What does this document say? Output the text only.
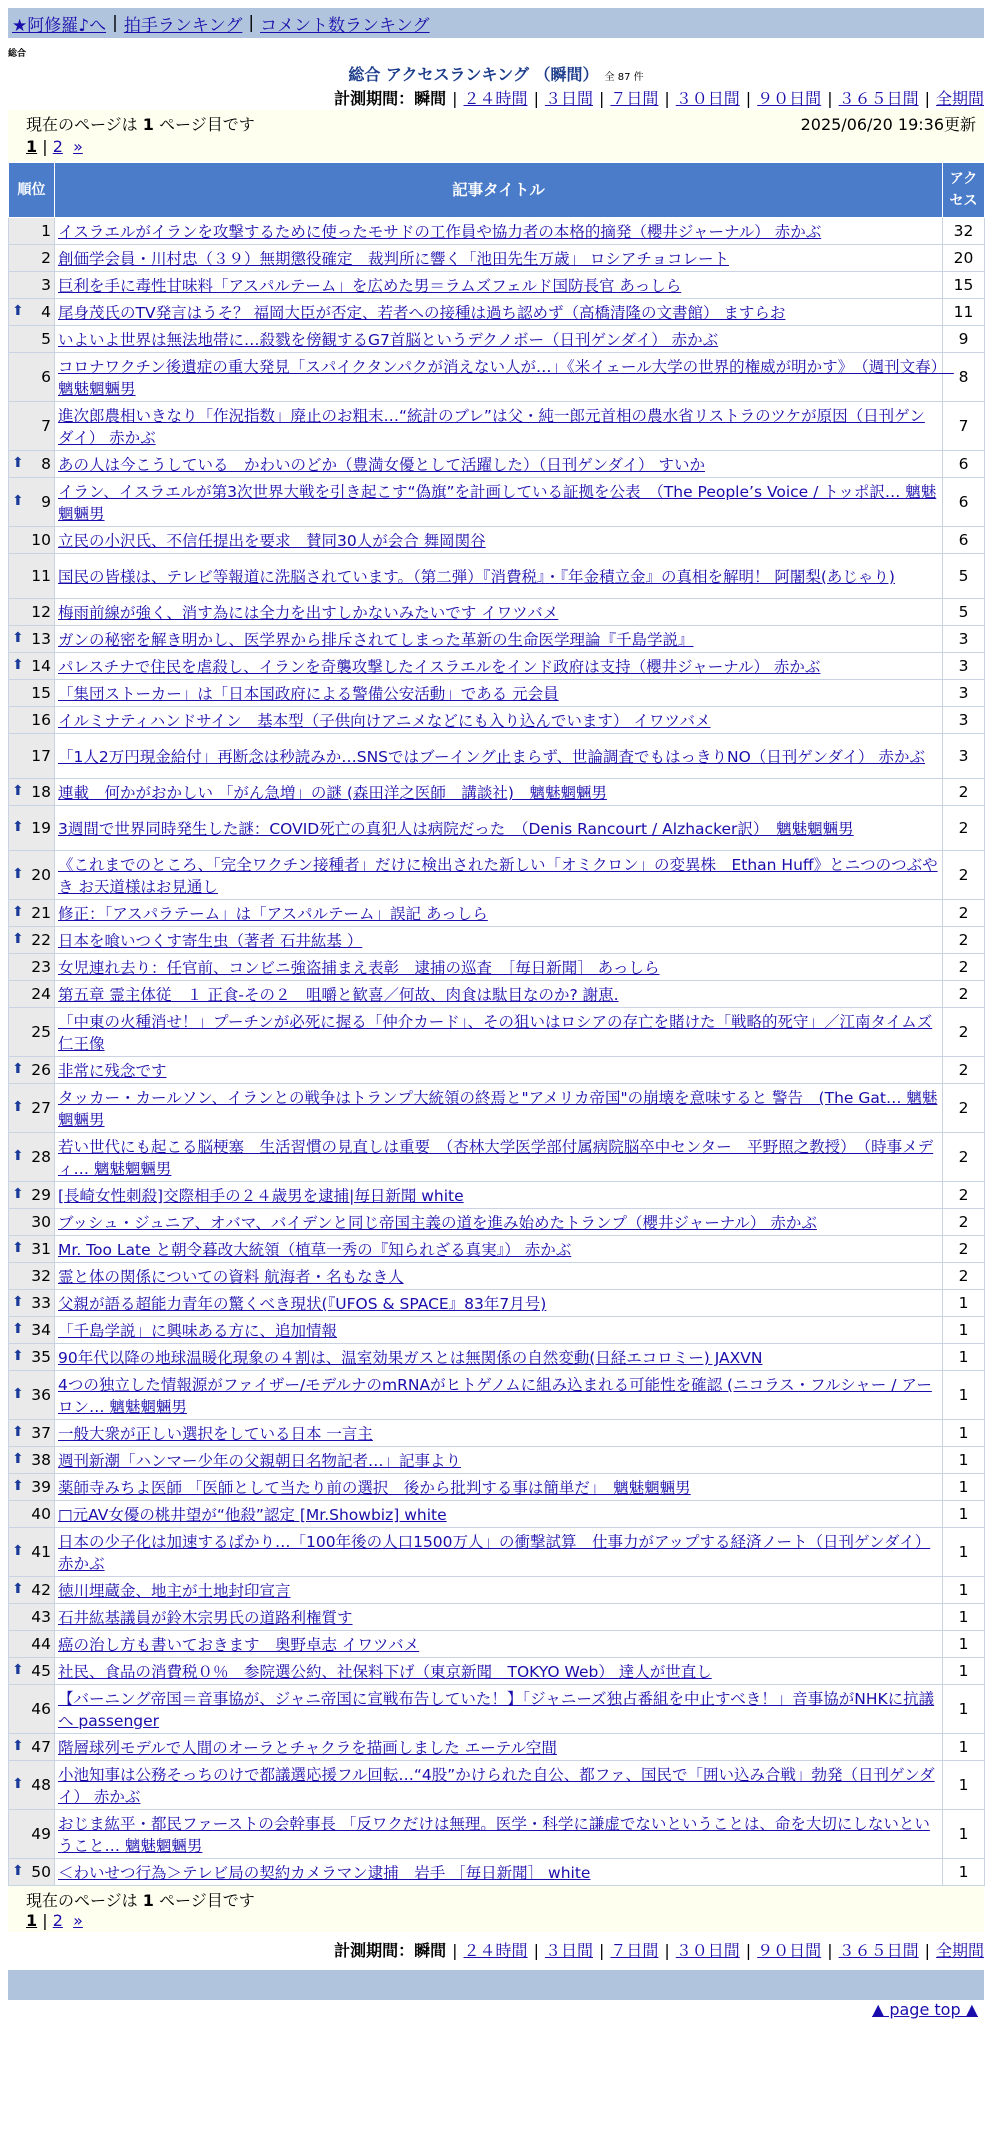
★阿修羅♪へ | 拍手ランキング | コメント数ランキング
総合
総合 アクセスランキング （瞬間） 全 87 件
計測期間：瞬間 | ２４時間 | ３日間 | ７日間 | ３０日間 | ９０日間 | ３６５日間 | 全期間
現在のページは 1 ページ目です	2025/06/20 19:36更新
1 | 2 »
順位	記事タイトル	アクセス
1	イスラエルがイランを攻撃するために使ったモサドの工作員や協力者の本格的摘発（櫻井ジャーナル） 赤かぶ	32
2	創価学会員・川村忠（３９）無期懲役確定　裁判所に響く「池田先生万歳」 ロシアチョコレート	20
3	巨利を手に毒性甘味料「アスパルテーム」を広めた男＝ラムズフェルド国防長官 あっしら	15

⬆ 4	尾身茂氏のTV発言はうそ？ 福岡大臣が否定、若者への接種は過ち認めず（高橋清隆の文書館） ますらお	11
5	いよいよ世界は無法地帯に…殺戮を傍観するG7首脳というデクノボー（日刊ゲンダイ） 赤かぶ	9
6	コロナワクチン後遺症の重大発見「スパイクタンパクが消えない人が…」《米イェール大学の世界的権威が明かす》　（週刊文春）　魑魅魍魎男	8
7	進次郎農相いきなり「作況指数」廃止のお粗末…“統計のブレ”は父・純一郎元首相の農水省リストラのツケが原因（日刊ゲンダイ） 赤かぶ	7

⬆ 8	あの人は今こうしている　かわいのどか（豊満女優として活躍した）（日刊ゲンダイ） すいか	6

⬆ 9	イラン、イスラエルが第3次世界大戦を引き起こす“偽旗”を計画している証拠を公表　（The People’s Voice / トッポ訳… 魑魅魍魎男	6
10	立民の小沢氏、不信任提出を要求　賛同30人が会合 舞岡関谷	6
11	国民の皆様は、テレビ等報道に洗脳されています。（第二弾）『消費税』・『年金積立金』の真相を解明！ 阿闍梨(あじゃり)	5
12	梅雨前線が強く、消す為には全力を出すしかないみたいです イワツバメ	5

⬆ 13	ガンの秘密を解き明かし、医学界から排斥されてしまった革新の生命医学理論『千島学説』	3

⬆ 14	パレスチナで住民を虐殺し、イランを奇襲攻撃したイスラエルをインド政府は支持（櫻井ジャーナル） 赤かぶ	3
15	「集団ストーカー」は「日本国政府による警備公安活動」である 元会員	3
16	イルミナティハンドサイン　基本型（子供向けアニメなどにも入り込んでいます） イワツバメ	3
17	「1人2万円現金給付」再断念は秒読みか…SNSではブーイング止まらず、世論調査でもはっきりNO（日刊ゲンダイ） 赤かぶ	3

⬆ 18	連載　何かがおかしい 「がん急増」の謎 (森田洋之医師　講談社)　魑魅魍魎男	2

⬆ 19	3週間で世界同時発生した謎：COVID死亡の真犯人は病院だった　（Denis Rancourt / Alzhacker訳）　魑魅魍魎男	2

⬆ 20	《これまでのところ、「完全ワクチン接種者」だけに検出された新しい「オミクロン」の変異株　Ethan Huff》とニつのつぶやき お天道様はお見通し	2

⬆ 21	修正：「アスパラテーム」は「アスパルテーム」誤記 あっしら	2

⬆ 22	日本を喰いつくす寄生虫（著者 石井紘基 ）	2
23	女児連れ去り：任官前、コンビニ強盗捕まえ表彰　逮捕の巡査　［毎日新聞］ あっしら	2
24	第五章 霊主体従　１ 正食-その２　咀嚼と歓喜／何故、肉食は駄目なのか? 謝恵.	2
25	「中東の火種消せ！」プーチンが必死に握る「仲介カード」、その狙いはロシアの存亡を賭けた「戦略的死守」／江南タイムズ 仁王像	2

⬆ 26	非常に残念です	2

⬆ 27	タッカー・カールソン、イランとの戦争はトランプ大統領の終焉と"アメリカ帝国"の崩壊を意味すると 警告　(The Gat… 魑魅魍魎男	2

⬆ 28	若い世代にも起こる脳梗塞　生活習慣の見直しは重要　（杏林大学医学部付属病院脳卒中センター　平野照之教授）　（時事メディ… 魑魅魍魎男	2

⬆ 29	[長崎女性刺殺]交際相手の２４歳男を逮捕|毎日新聞 white	2
30	ブッシュ・ジュニア、オバマ、バイデンと同じ帝国主義の道を進み始めたトランプ（櫻井ジャーナル） 赤かぶ	2

⬆ 31	Mr. Too Late と朝令暮改大統領（植草一秀の『知られざる真実』） 赤かぶ	2
32	霊と体の関係についての資料 航海者・名もなき人	2

⬆ 33	父親が語る超能力青年の驚くべき現状(『UFOS & SPACE』83年7月号)	1

⬆ 34	「千島学説」に興味ある方に、追加情報	1

⬆ 35	90年代以降の地球温暖化現象の４割は、温室効果ガスとは無関係の自然変動(日経エコロミー) JAXVN	1

⬆ 36	4つの独立した情報源がファイザー/モデルナのmRNAがヒトゲノムに組み込まれる可能性を確認 (ニコラス・フルシャー / アーロン… 魑魅魍魎男	1

⬆ 37	一般大衆が正しい選択をしている日本 一言主	1

⬆ 38	週刊新潮「ハンマー少年の父親朝日名物記者…」記事より	1

⬆ 39	薬師寺みちよ医師 「医師として当たり前の選択　後から批判する事は簡単だ」　魑魅魍魎男	1
40	□元AV女優の桃井望が“他殺”認定 [Mr.Showbiz] white	1

⬆ 41	日本の少子化は加速するばかり…「100年後の人口1500万人」の衝撃試算　仕事力がアップする経済ノート（日刊ゲンダイ） 赤かぶ	1

⬆ 42	徳川埋蔵金、地主が土地封印宣言	1
43	石井紘基議員が鈴木宗男氏の道路利権質す	1
44	癌の治し方も書いておきます　奥野卓志 イワツバメ	1

⬆ 45	社民、食品の消費税０％　参院選公約、社保料下げ（東京新聞　TOKYO Web） 達人が世直し	1
46	【バーニング帝国＝音事協が、ジャニ帝国に宣戦布告していた！】「ジャニーズ独占番組を中止すべき！」音事協がNHKに抗議へ passenger	1

⬆ 47	階層球列モデルで人間のオーラとチャクラを描画しました エーテル空間	1

⬆ 48	小池知事は公務そっちのけで都議選応援フル回転…“4股”かけられた自公、都ファ、国民で「囲い込み合戦」勃発（日刊ゲンダイ） 赤かぶ	1
49	おじま紘平・都民ファーストの会幹事長 「反ワクだけは無理。医学・科学に謙虚でないということは、命を大切にしないということ… 魑魅魍魎男	1

⬆ 50	＜わいせつ行為＞テレビ局の契約カメラマン逮捕　岩手 ［毎日新聞］ white	1
現在のページは 1 ページ目です
1 | 2 »
計測期間：瞬間 | ２４時間 | ３日間 | ７日間 | ３０日間 | ９０日間 | ３６５日間 | 全期間
▲ page top ▲
